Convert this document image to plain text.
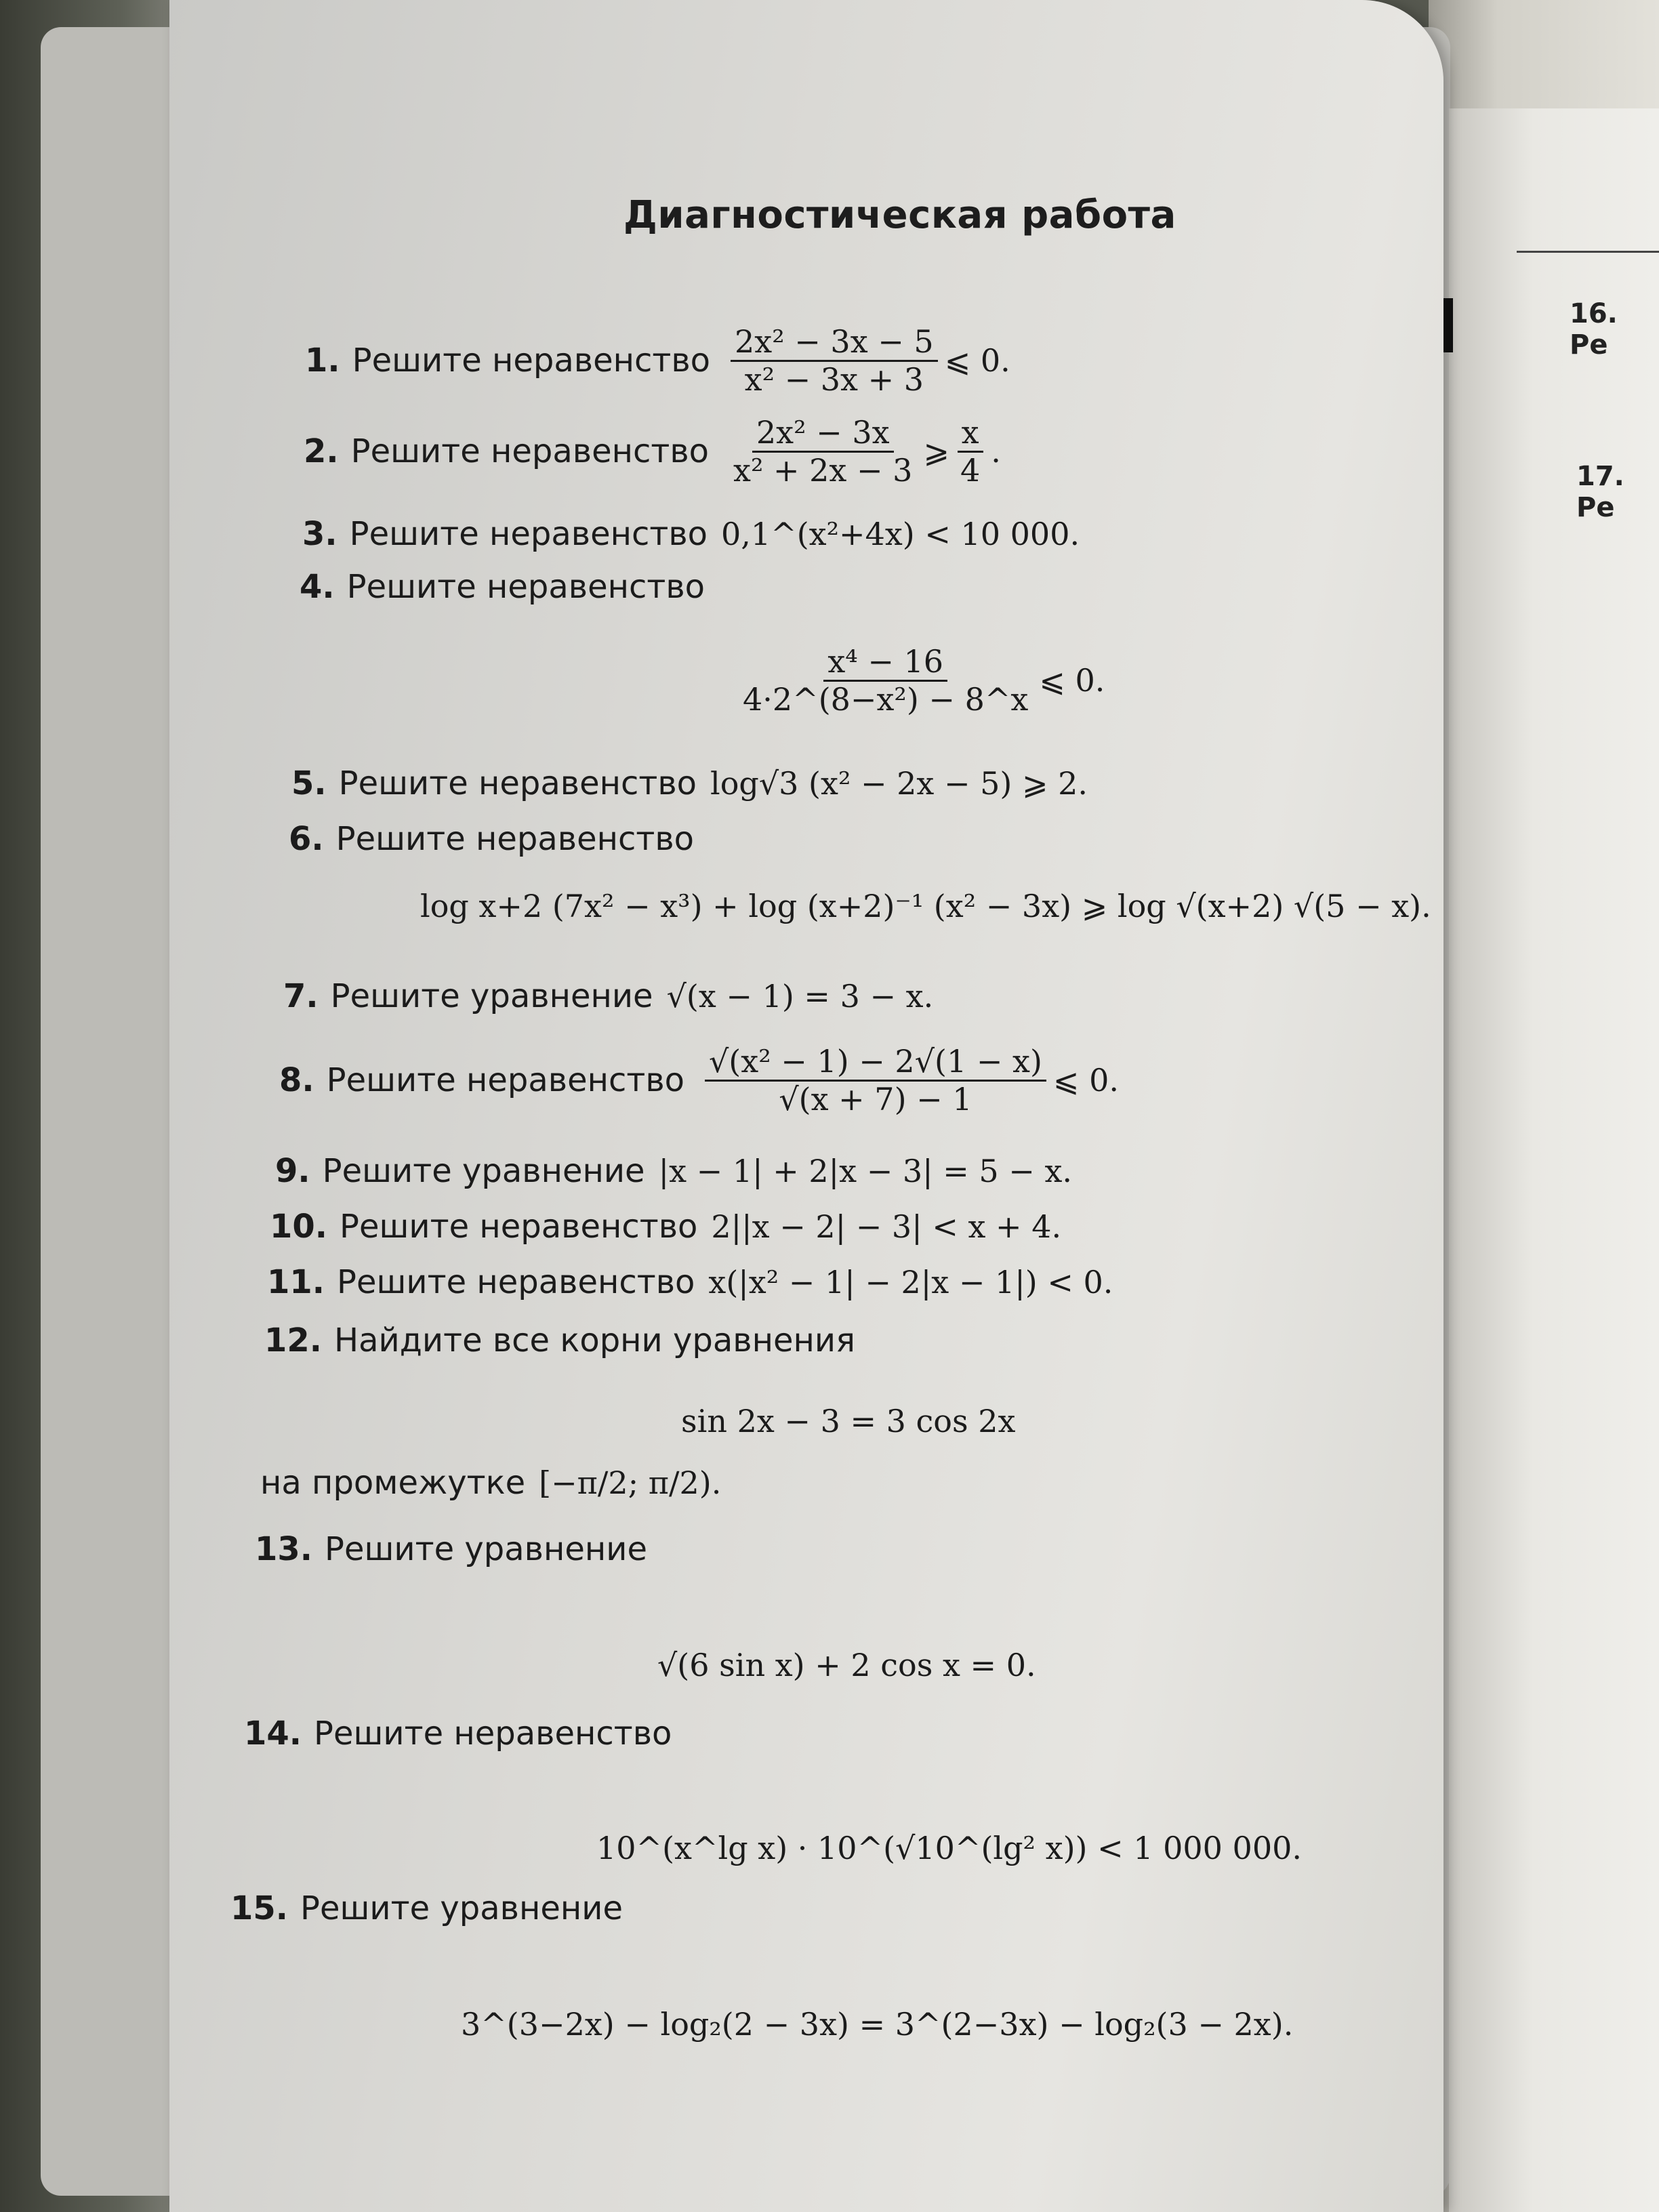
16. Ре
17. Ре
Диагностическая работа
1. Решите неравенство $\frac{\text{2x² − 3x − 5}}{\text{x² − 3x + 3}}$ ⩽ 0.
2. Решите неравенство $\frac{\text{2x² − 3x}}{\text{x² + 2x − 3}}$ ⩾ $\frac{x}{4}$ .
3. Решите неравенство 0,1^(x²+4x) < 10 000.
4. Решите неравенство
$\frac{\text{x⁴ − 16}}{\text{4·2\textasciicircum{}(8−x²) − 8\textasciicircum{}x}}$ ⩽ 0.
5. Решите неравенство log√3 (x² − 2x − 5) ⩾ 2.
6. Решите неравенство
log x+2 (7x² − x³) + log (x+2)⁻¹ (x² − 3x) ⩾ log √(x+2) √(5 − x).
7. Решите уравнение √(x − 1) = 3 − x.
8. Решите неравенство $\frac{\text{√(x² − 1) − 2√(1 − x)}}{√(x + 7) - 1}$ ⩽ 0.
9. Решите уравнение |x − 1| + 2|x − 3| = 5 − x.
10. Решите неравенство 2||x − 2| − 3| < x + 4.
11. Решите неравенство x(|x² − 1| − 2|x − 1|) < 0.
12. Найдите все корни уравнения
sin 2x − 3 = 3 cos 2x
на промежутке [−π/2; π/2).
13. Решите уравнение
√(6 sin x) + 2 cos x = 0.
14. Решите неравенство
10^(x^lg x) · 10^(√10^(lg² x)) < 1 000 000.
15. Решите уравнение
3^(3−2x) − log₂(2 − 3x) = 3^(2−3x) − log₂(3 − 2x).
